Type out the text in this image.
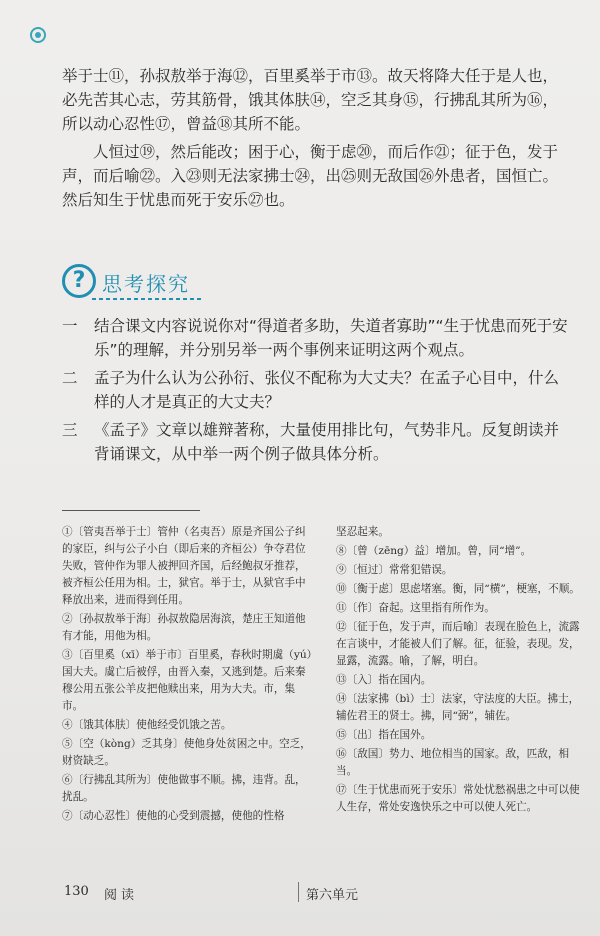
举于士⑪，孙叔敖举于海⑫，百里奚举于市⑬。故天将降大任于是人也，必先苦其心志，劳其筋骨，饿其体肤⑭，空乏其身⑮，行拂乱其所为⑯，所以动心忍性⑰，曾益⑱其所不能。

人恒过⑲，然后能改；困于心，衡于虑⑳，而后作㉑；征于色，发于声，而后喻㉒。入㉓则无法家拂士㉔，出㉕则无敌国㉖外患者，国恒亡。然后知生于忧患而死于安乐㉗也。

? 思考探究
一 结合课文内容说说你对“得道者多助，失道者寡助”“生于忧患而死于安乐”的理解，并分别另举一两个事例来证明这两个观点。
二 孟子为什么认为公孙衍、张仪不配称为大丈夫？在孟子心目中，什么样的人才是真正的大丈夫？
三 《孟子》文章以雄辩著称，大量使用排比句，气势非凡。反复朗读并背诵课文，从中举一两个例子做具体分析。
①〔管夷吾举于士〕管仲（名夷吾）原是齐国公子纠的家臣，纠与公子小白（即后来的齐桓公）争夺君位失败，管仲作为罪人被押回齐国，后经鲍叔牙推荐，被齐桓公任用为相。士，狱官。举于士，从狱官手中释放出来，进而得到任用。
②〔孙叔敖举于海〕孙叔敖隐居海滨，楚庄王知道他有才能，用他为相。
③〔百里奚（xī）举于市〕百里奚，春秋时期虞（yú）国大夫。虞亡后被俘，由晋入秦，又逃到楚。后来秦穆公用五张公羊皮把他赎出来，用为大夫。市，集市。
④〔饿其体肤〕使他经受饥饿之苦。
⑤〔空（kòng）乏其身〕使他身处贫困之中。空乏，财资缺乏。
⑥〔行拂乱其所为〕使他做事不顺。拂，违背。乱，扰乱。
⑦〔动心忍性〕使他的心受到震撼，使他的性格
坚忍起来。
⑧〔曾（zēng）益〕增加。曾，同“增”。
⑨〔恒过〕常常犯错误。
⑩〔衡于虑〕思虑堵塞。衡，同“横”，梗塞，不顺。
⑪〔作〕奋起。这里指有所作为。
⑫〔征于色，发于声，而后喻〕表现在脸色上，流露在言谈中，才能被人们了解。征，征验，表现。发，显露，流露。喻，了解，明白。
⑬〔入〕指在国内。
⑭〔法家拂（bì）士〕法家，守法度的大臣。拂士，辅佐君王的贤士。拂，同“弼”，辅佐。
⑮〔出〕指在国外。
⑯〔敌国〕势力、地位相当的国家。敌，匹敌，相当。
⑰〔生于忧患而死于安乐〕常处忧愁祸患之中可以使人生存，常处安逸快乐之中可以使人死亡。
130 阅读	第六单元
